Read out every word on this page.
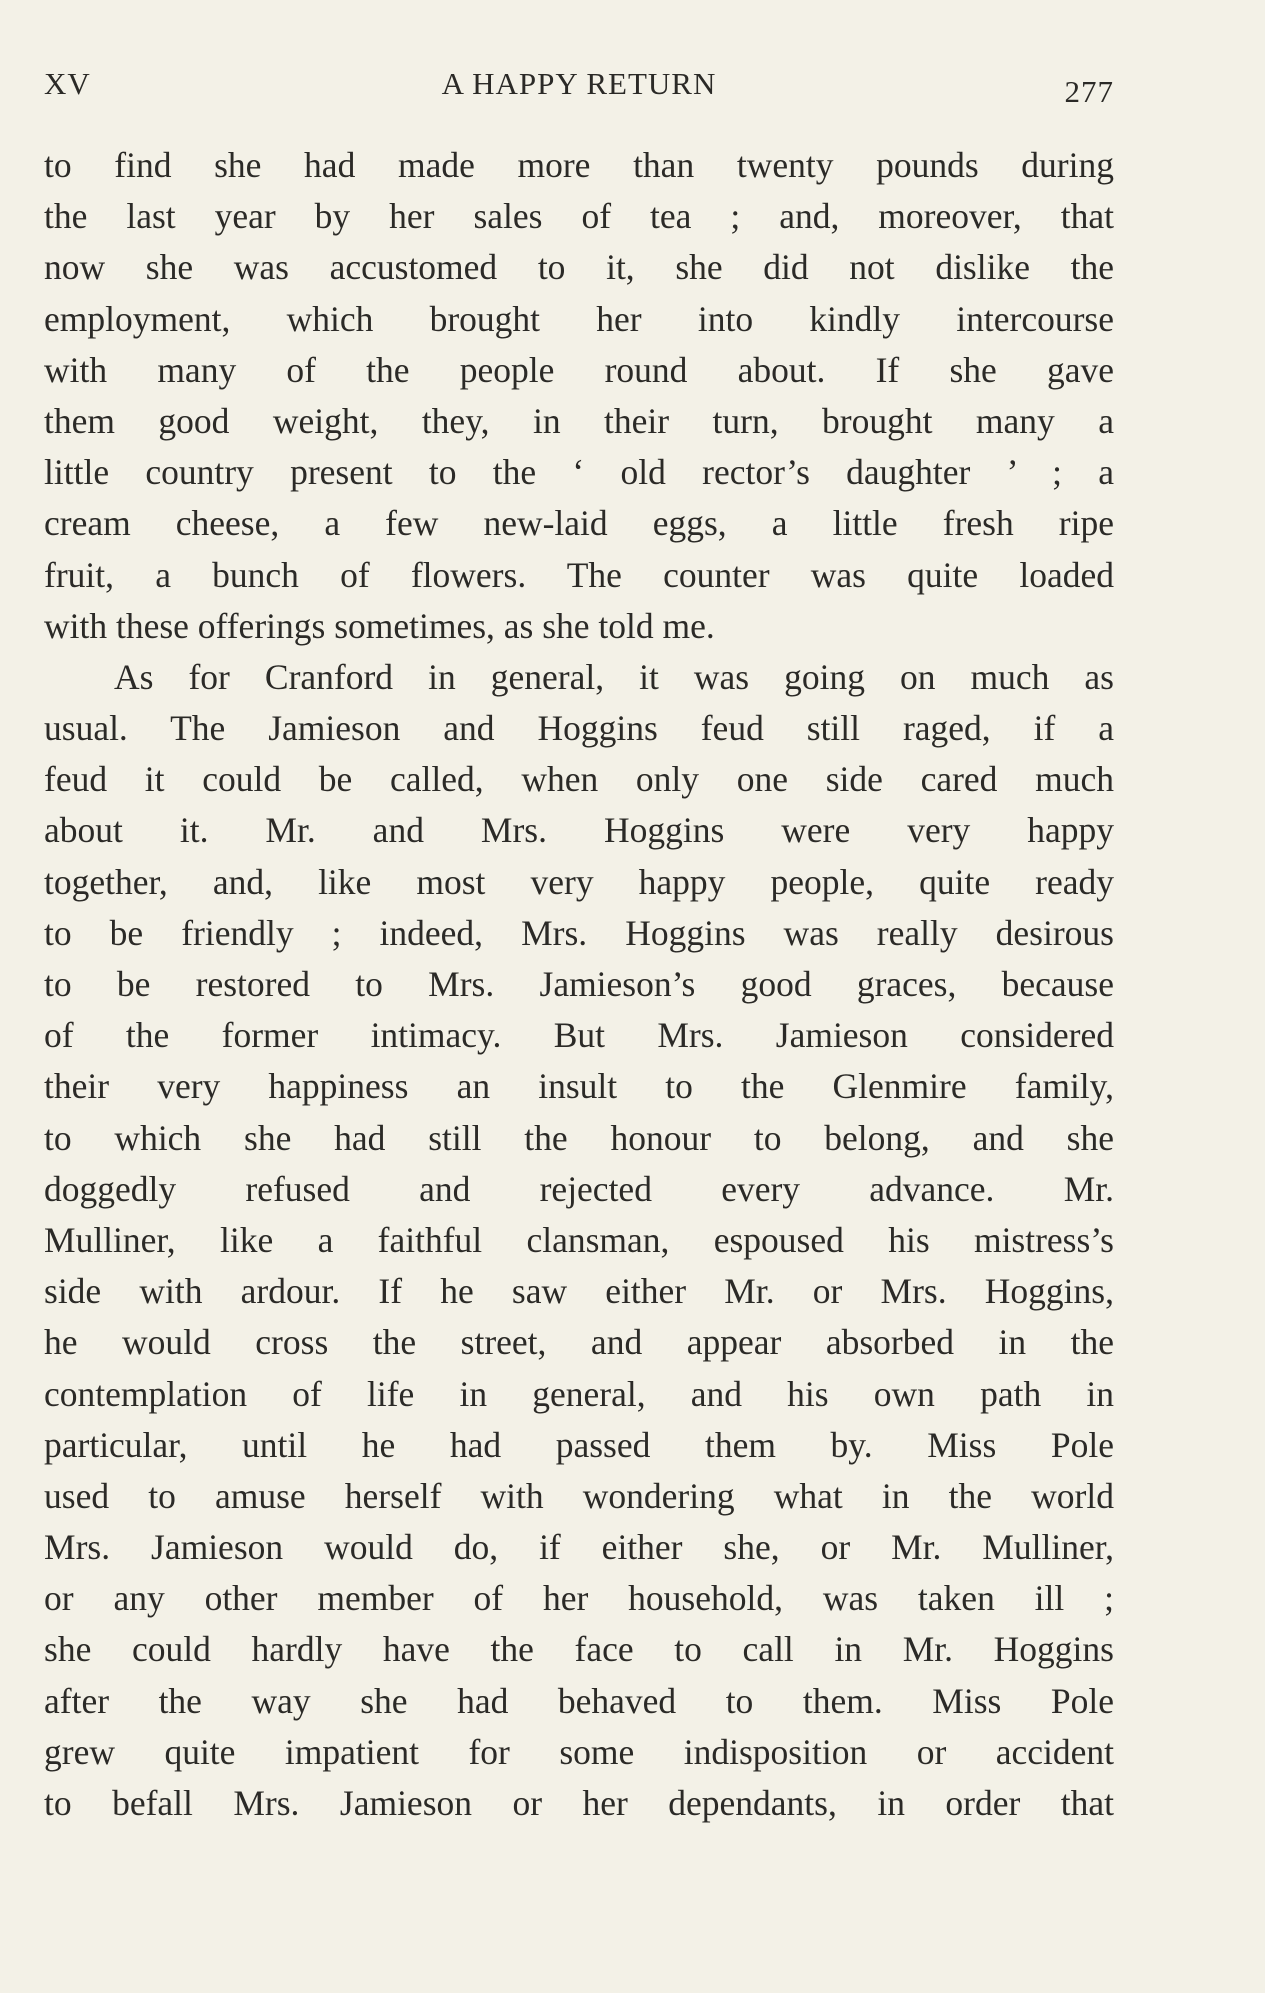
XV	A HAPPY RETURN	277
to find she had made more than twenty pounds during
the last year by her sales of tea ; and, moreover, that
now she was accustomed to it, she did not dislike the
employment, which brought her into kindly intercourse
with many of the people round about. If she gave
them good weight, they, in their turn, brought many a
little country present to the ‘ old rector’s daughter ’ ; a
cream cheese, a few new-laid eggs, a little fresh ripe
fruit, a bunch of flowers. The counter was quite loaded
with these offerings sometimes, as she told me.
As for Cranford in general, it was going on much as
usual. The Jamieson and Hoggins feud still raged, if a
feud it could be called, when only one side cared much
about it. Mr. and Mrs. Hoggins were very happy
together, and, like most very happy people, quite ready
to be friendly ; indeed, Mrs. Hoggins was really desirous
to be restored to Mrs. Jamieson’s good graces, because
of the former intimacy. But Mrs. Jamieson considered
their very happiness an insult to the Glenmire family,
to which she had still the honour to belong, and she
doggedly refused and rejected every advance. Mr.
Mulliner, like a faithful clansman, espoused his mistress’s
side with ardour. If he saw either Mr. or Mrs. Hoggins,
he would cross the street, and appear absorbed in the
contemplation of life in general, and his own path in
particular, until he had passed them by. Miss Pole
used to amuse herself with wondering what in the world
Mrs. Jamieson would do, if either she, or Mr. Mulliner,
or any other member of her household, was taken ill ;
she could hardly have the face to call in Mr. Hoggins
after the way she had behaved to them. Miss Pole
grew quite impatient for some indisposition or accident
to befall Mrs. Jamieson or her dependants, in order that
